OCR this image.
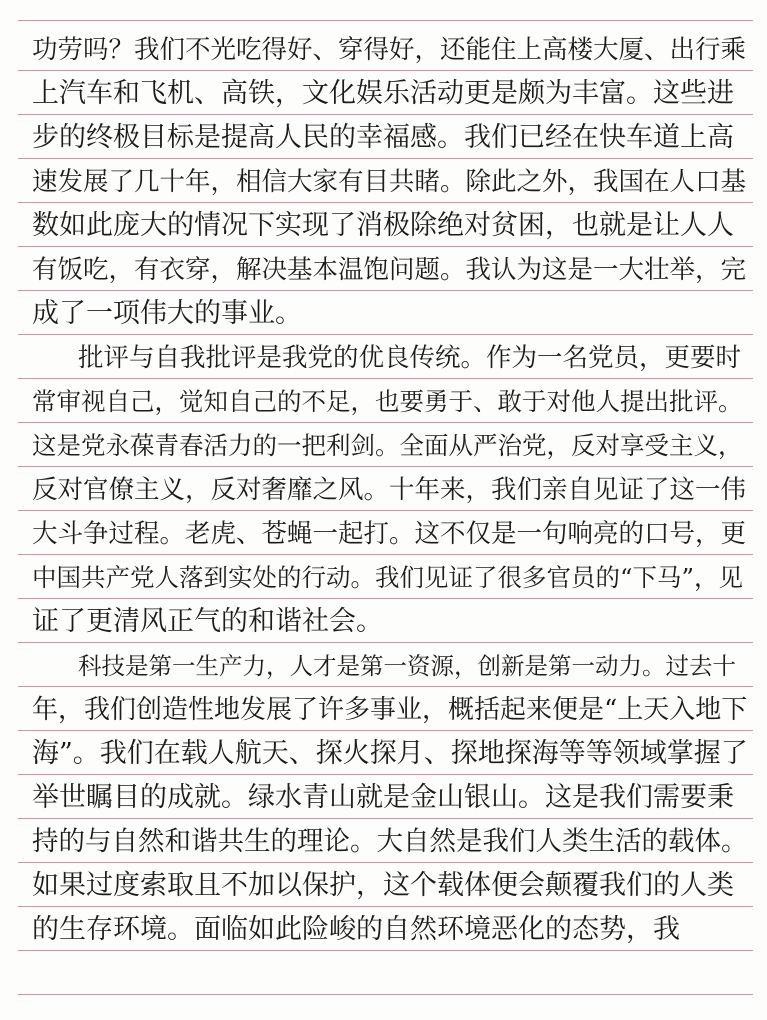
功劳吗？我们不光吃得好、穿得好，还能住上高楼大厦、出行乘
上汽车和飞机、高铁，文化娱乐活动更是颇为丰富。这些进
步的终极目标是提高人民的幸福感。我们已经在快车道上高
速发展了几十年，相信大家有目共睹。除此之外，我国在人口基
数如此庞大的情况下实现了消极除绝对贫困，也就是让人人
有饭吃，有衣穿，解决基本温饱问题。我认为这是一大壮举，完
成了一项伟大的事业。
批评与自我批评是我党的优良传统。作为一名党员，更要时
常审视自己，觉知自己的不足，也要勇于、敢于对他人提出批评。
这是党永葆青春活力的一把利剑。全面从严治党，反对享受主义，
反对官僚主义，反对奢靡之风。十年来，我们亲自见证了这一伟
大斗争过程。老虎、苍蝇一起打。这不仅是一句响亮的口号，更
中国共产党人落到实处的行动。我们见证了很多官员的“下马”，见
证了更清风正气的和谐社会。
科技是第一生产力，人才是第一资源，创新是第一动力。过去十
年，我们创造性地发展了许多事业，概括起来便是“上天入地下
海”。我们在载人航天、探火探月、探地探海等等领域掌握了
举世瞩目的成就。绿水青山就是金山银山。这是我们需要秉
持的与自然和谐共生的理论。大自然是我们人类生活的载体。
如果过度索取且不加以保护，这个载体便会颠覆我们的人类
的生存环境。面临如此险峻的自然环境恶化的态势，我
